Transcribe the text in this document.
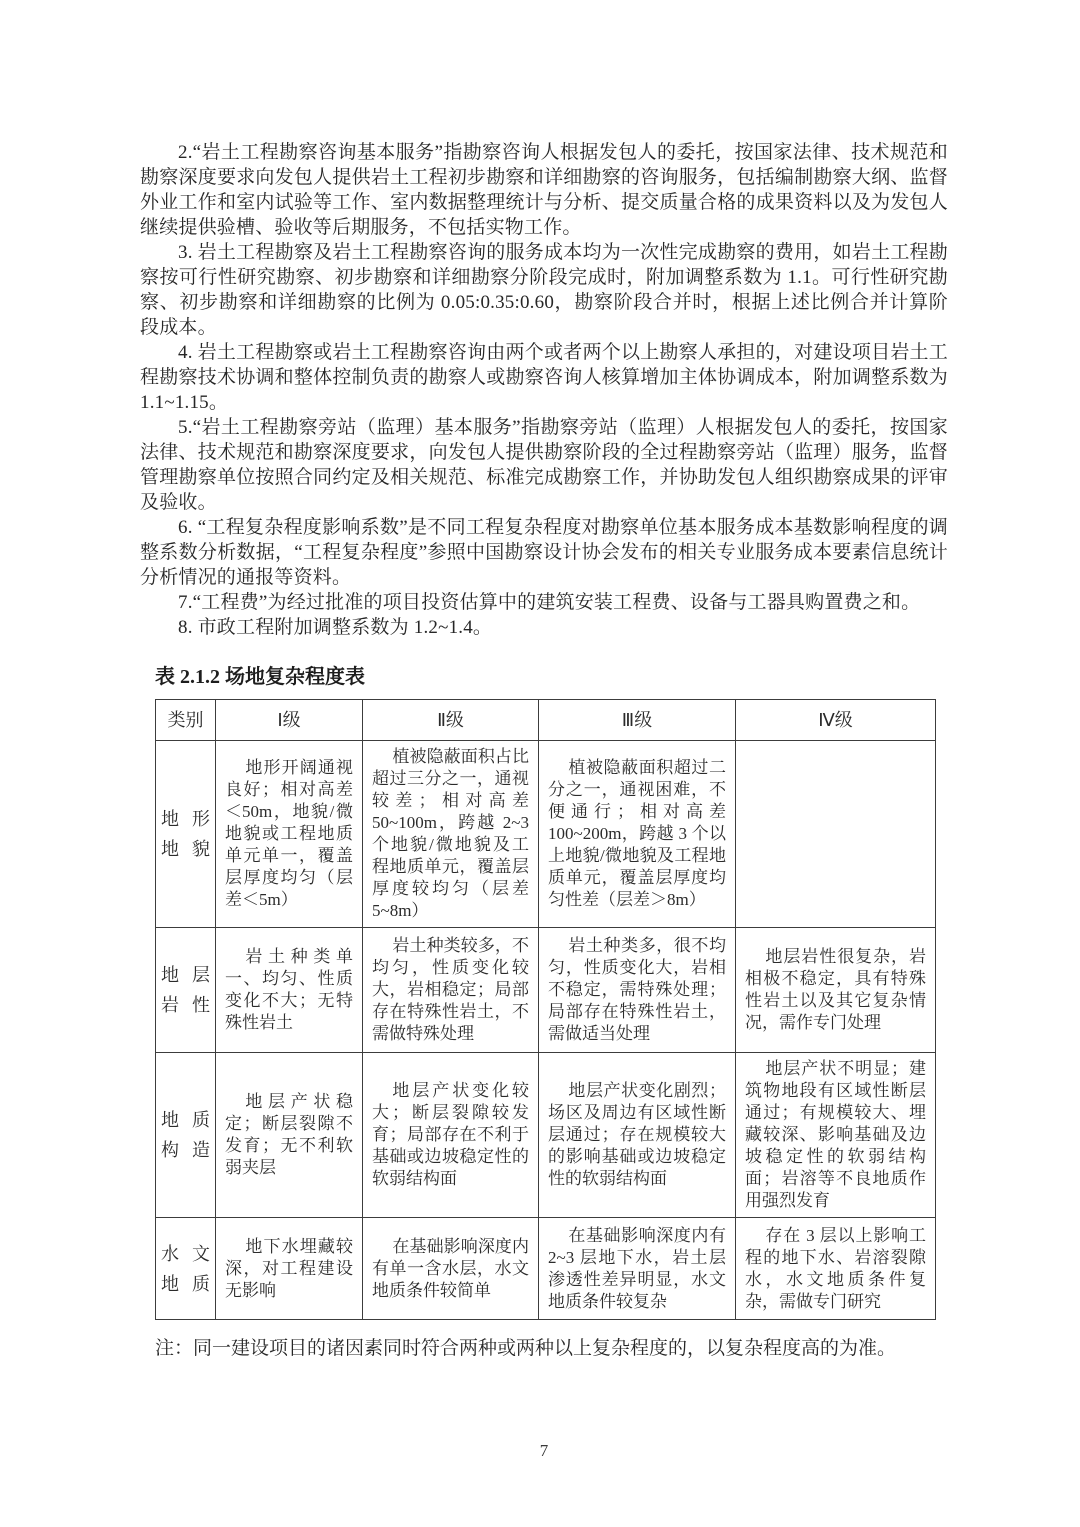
2.“岩土工程勘察咨询基本服务”指勘察咨询人根据发包人的委托，按国家法律、技术规范和勘察深度要求向发包人提供岩土工程初步勘察和详细勘察的咨询服务，包括编制勘察大纲、监督外业工作和室内试验等工作、室内数据整理统计与分析、提交质量合格的成果资料以及为发包人继续提供验槽、验收等后期服务，不包括实物工作。

3. 岩土工程勘察及岩土工程勘察咨询的服务成本均为一次性完成勘察的费用，如岩土工程勘察按可行性研究勘察、初步勘察和详细勘察分阶段完成时，附加调整系数为 1.1。可行性研究勘察、初步勘察和详细勘察的比例为 0.05:0.35:0.60，勘察阶段合并时，根据上述比例合并计算阶段成本。

4. 岩土工程勘察或岩土工程勘察咨询由两个或者两个以上勘察人承担的，对建设项目岩土工程勘察技术协调和整体控制负责的勘察人或勘察咨询人核算增加主体协调成本，附加调整系数为 1.1~1.15。

5.“岩土工程勘察旁站（监理）基本服务”指勘察旁站（监理）人根据发包人的委托，按国家法律、技术规范和勘察深度要求，向发包人提供勘察阶段的全过程勘察旁站（监理）服务，监督管理勘察单位按照合同约定及相关规范、标准完成勘察工作，并协助发包人组织勘察成果的评审及验收。

6. “工程复杂程度影响系数”是不同工程复杂程度对勘察单位基本服务成本基数影响程度的调整系数分析数据，“工程复杂程度”参照中国勘察设计协会发布的相关专业服务成本要素信息统计分析情况的通报等资料。

7.“工程费”为经过批准的项目投资估算中的建筑安装工程费、设备与工器具购置费之和。

8. 市政工程附加调整系数为 1.2~1.4。

表 2.1.2 场地复杂程度表
类别	Ⅰ级	Ⅱ级	Ⅲ级	Ⅳ级
地形地貌	地形开阔通视良好；相对高差＜50m，地貌/微地貌或工程地质单元单一，覆盖层厚度均匀（层差＜5m）	植被隐蔽面积占比超过三分之一，通视较差；相对高差 50~100m，跨越 2~3 个地貌/微地貌及工程地质单元，覆盖层厚度较均匀（层差 5~8m）	植被隐蔽面积超过二分之一，通视困难，不便通行；相对高差 100~200m，跨越 3 个以上地貌/微地貌及工程地质单元，覆盖层厚度均匀性差（层差＞8m）	
地层岩性	岩土种类单一、均匀、性质变化不大；无特殊性岩土	岩土种类较多，不均匀，性质变化较大，岩相稳定；局部存在特殊性岩土，不需做特殊处理	岩土种类多，很不均匀，性质变化大，岩相不稳定，需特殊处理；局部存在特殊性岩土，需做适当处理	地层岩性很复杂，岩相极不稳定，具有特殊性岩土以及其它复杂情况，需作专门处理
地质构造	地层产状稳定；断层裂隙不发育；无不利软弱夹层	地层产状变化较大；断层裂隙较发育；局部存在不利于基础或边坡稳定性的软弱结构面	地层产状变化剧烈；场区及周边有区域性断层通过；存在规模较大的影响基础或边坡稳定性的软弱结构面	地层产状不明显；建筑物地段有区域性断层通过；有规模较大、埋藏较深、影响基础及边坡稳定性的软弱结构面；岩溶等不良地质作用强烈发育
水文地质	地下水埋藏较深，对工程建设无影响	在基础影响深度内有单一含水层，水文地质条件较简单	在基础影响深度内有 2~3 层地下水，岩土层渗透性差异明显，水文地质条件较复杂	存在 3 层以上影响工程的地下水、岩溶裂隙水，水文地质条件复杂，需做专门研究

注：同一建设项目的诸因素同时符合两种或两种以上复杂程度的，以复杂程度高的为准。

7
